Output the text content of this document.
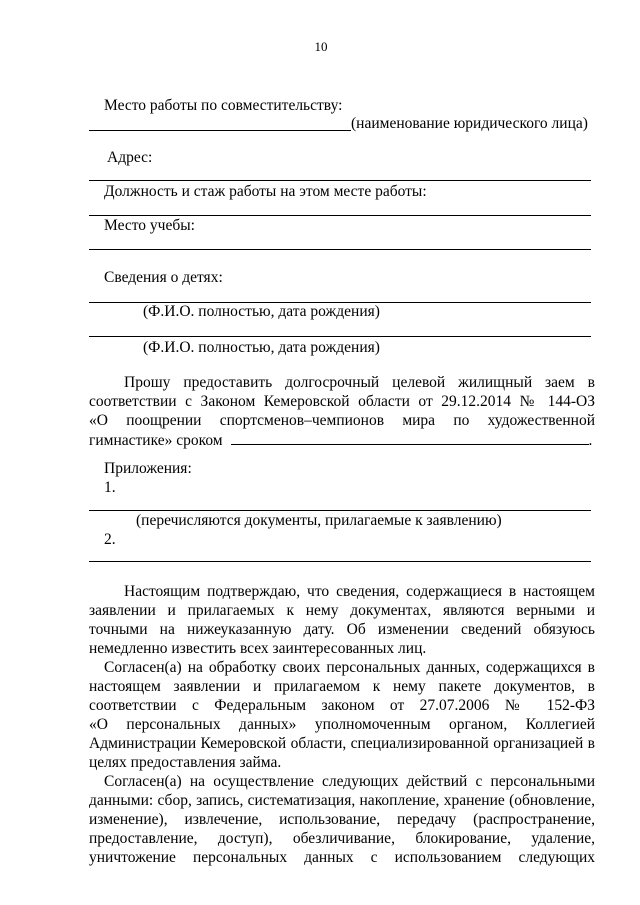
10
Место работы по совместительству:
(наименование юридического лица)
Адрес:
Должность и стаж работы на этом месте работы:
Место учебы:
Сведения о детях:
(Ф.И.О. полностью, дата рождения)
(Ф.И.О. полностью, дата рождения)
Прошу предоставить долгосрочный целевой жилищный заем в
соответствии с Законом Кемеровской области от 29.12.2014 № 144-ОЗ
«О поощрении спортсменов–чемпионов мира по художественной
гимнастике» сроком	.
Приложения:
1.
(перечисляются документы, прилагаемые к заявлению)
2.
Настоящим подтверждаю, что сведения, содержащиеся в настоящем
заявлении и прилагаемых к нему документах, являются верными и
точными на нижеуказанную дату. Об изменении сведений обязуюсь
немедленно известить всех заинтересованных лиц.
Согласен(а) на обработку своих персональных данных, содержащихся в
настоящем заявлении и прилагаемом к нему пакете документов, в
соответствии с Федеральным законом от 27.07.2006 № 152-ФЗ
«О персональных данных» уполномоченным органом, Коллегией
Администрации Кемеровской области, специализированной организацией в
целях предоставления займа.
Согласен(а) на осуществление следующих действий с персональными
данными: сбор, запись, систематизация, накопление, хранение (обновление,
изменение), извлечение, использование, передачу (распространение,
предоставление, доступ), обезличивание, блокирование, удаление,
уничтожение персональных данных с использованием следующих
